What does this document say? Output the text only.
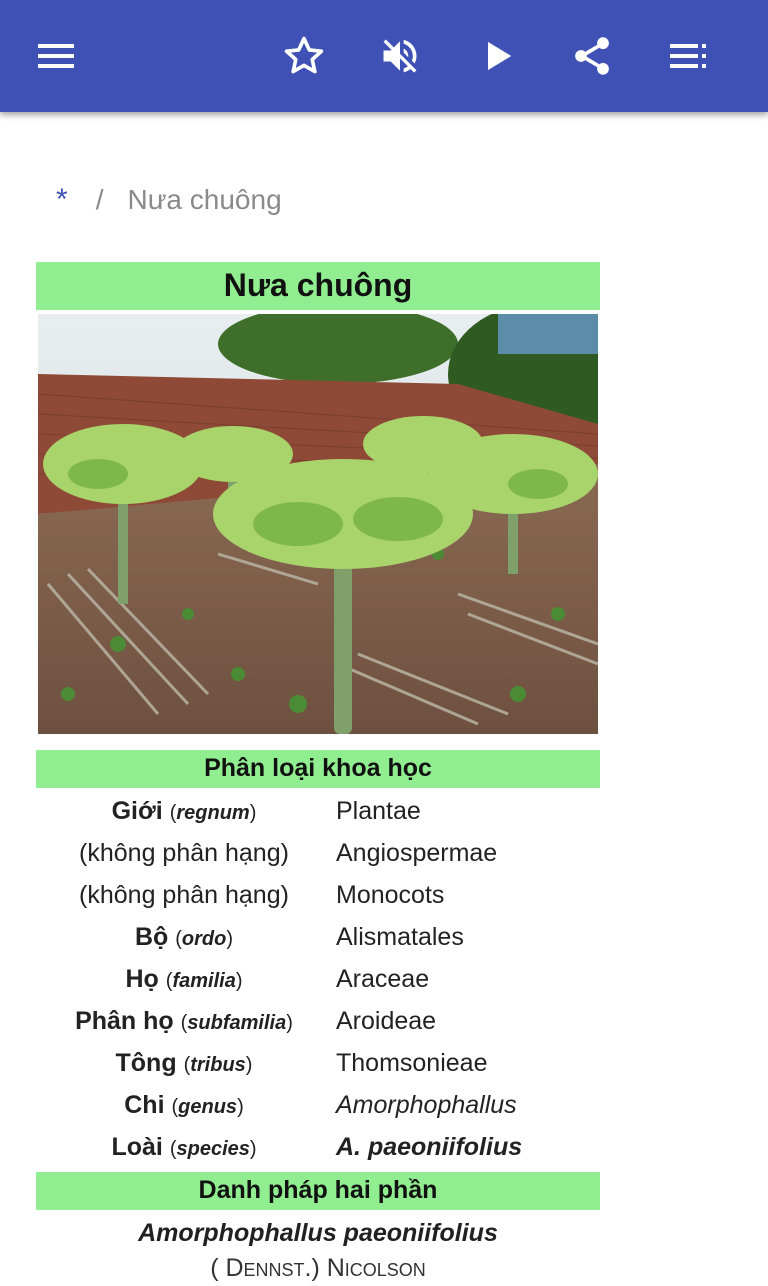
* / Nưa chuông
Nưa chuông
Phân loại khoa học
Giới (regnum)	Plantae
(không phân hạng)	Angiospermae
(không phân hạng)	Monocots
Bộ (ordo)	Alismatales
Họ (familia)	Araceae
Phân họ (subfamilia)	Aroideae
Tông (tribus)	Thomsonieae
Chi (genus)	Amorphophallus
Loài (species)	A. paeoniifolius
Danh pháp hai phần
Amorphophallus paeoniifolius
( Dennst.) Nicolson
